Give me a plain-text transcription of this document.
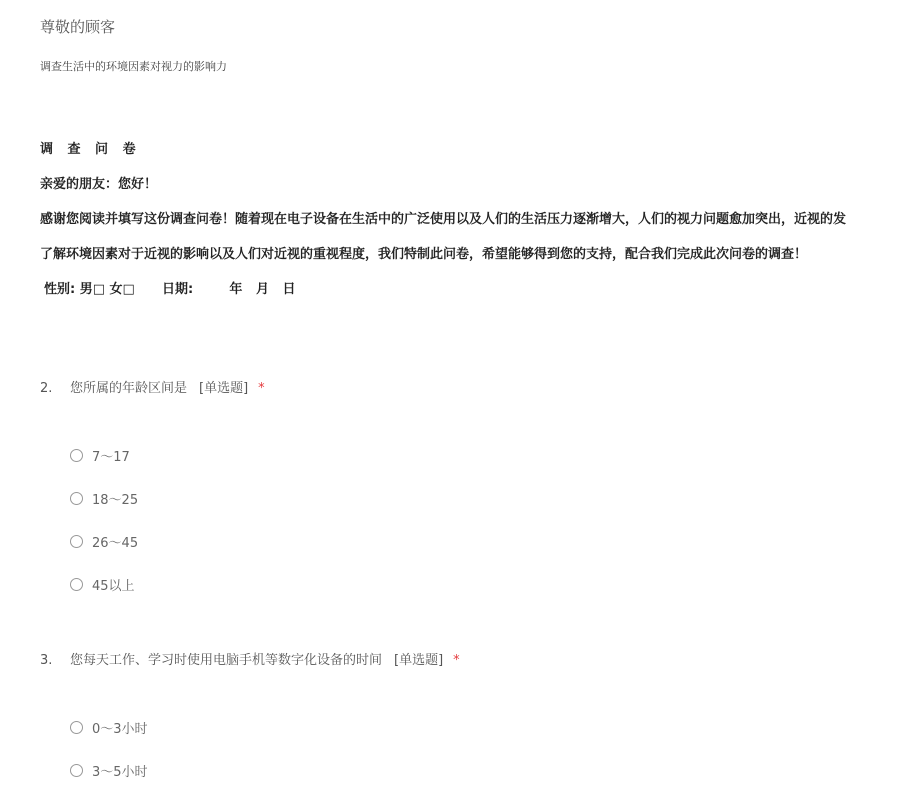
尊敬的顾客
调查生活中的环境因素对视力的影响力
调 查 问 卷
亲爱的朋友：您好！
感谢您阅读并填写这份调查问卷！随着现在电子设备在生活中的广泛使用以及人们的生活压力逐渐增大，人们的视力问题愈加突出，近视的发
了解环境因素对于近视的影响以及人们对近视的重视程度，我们特制此问卷，希望能够得到您的支持，配合我们完成此次问卷的调查！
性别: 男□ 女□      日期:        年   月   日
2. 您所属的年龄区间是 [单选题] *
7～17
18～25
26～45
45以上
3. 您每天工作、学习时使用电脑手机等数字化设备的时间 [单选题] *
0～3小时
3～5小时
